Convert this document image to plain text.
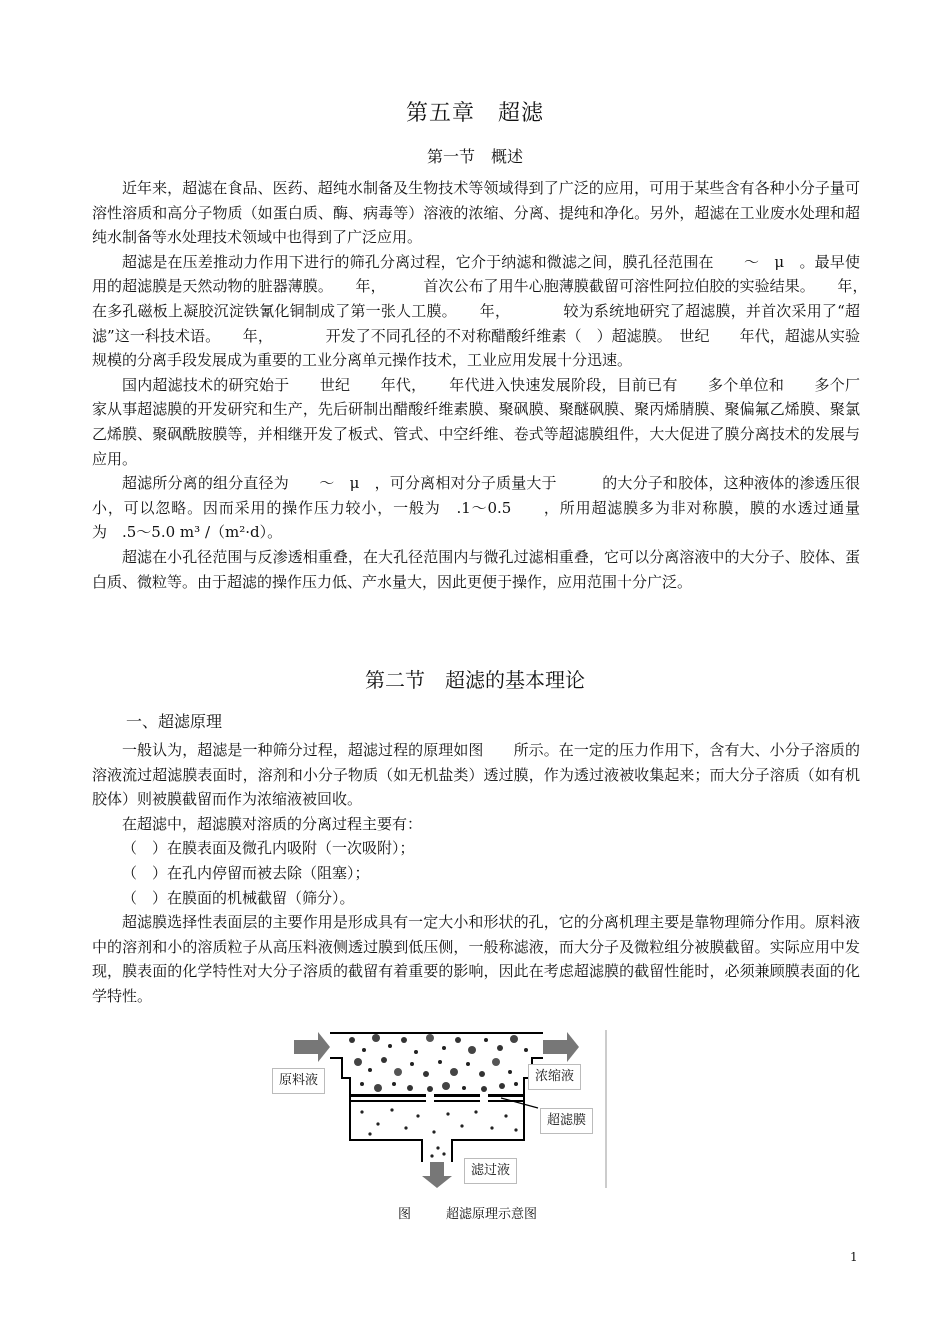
第五章　超滤
第一节　概述

近年来，超滤在食品、医药、超纯水制备及生物技术等领域得到了广泛的应用，可用于某些含有各种小分子量可溶性溶质和高分子物质（如蛋白质、酶、病毒等）溶液的浓缩、分离、提纯和净化。另外，超滤在工业废水处理和超纯水制备等水处理技术领域中也得到了广泛应用。

超滤是在压差推动力作用下进行的筛孔分离过程，它介于纳滤和微滤之间，膜孔径范围在　　～　μ　。最早使用的超滤膜是天然动物的脏器薄膜。　　年，　　　首次公布了用牛心胞薄膜截留可溶性阿拉伯胶的实验结果。　　年，　　　在多孔磁板上凝胶沉淀铁氰化铜制成了第一张人工膜。　　年，　　　　较为系统地研究了超滤膜，并首次采用了“超滤”这一科技术语。　　年，　　　　开发了不同孔径的不对称醋酸纤维素（　）超滤膜。　世纪　　年代，超滤从实验规模的分离手段发展成为重要的工业分离单元操作技术，工业应用发展十分迅速。

国内超滤技术的研究始于　　世纪　　年代，　　年代进入快速发展阶段，目前已有　　多个单位和　　多个厂家从事超滤膜的开发研究和生产，先后研制出醋酸纤维素膜、聚砜膜、聚醚砜膜、聚丙烯腈膜、聚偏氟乙烯膜、聚氯乙烯膜、聚砜酰胺膜等，并相继开发了板式、管式、中空纤维、卷式等超滤膜组件，大大促进了膜分离技术的发展与应用。

超滤所分离的组分直径为　　～　μ　，可分离相对分子质量大于　　　的大分子和胶体，这种液体的渗透压很小，可以忽略。因而采用的操作压力较小，一般为　.1～0.5　　，所用超滤膜多为非对称膜，膜的水透过通量为　.5～5.0 m³ /（m²·d）。

超滤在小孔径范围与反渗透相重叠，在大孔径范围内与微孔过滤相重叠，它可以分离溶液中的大分子、胶体、蛋白质、微粒等。由于超滤的操作压力低、产水量大，因此更便于操作，应用范围十分广泛。

第二节　超滤的基本理论
一、超滤原理

一般认为，超滤是一种筛分过程，超滤过程的原理如图　　所示。在一定的压力作用下，含有大、小分子溶质的溶液流过超滤膜表面时，溶剂和小分子物质（如无机盐类）透过膜，作为透过液被收集起来；而大分子溶质（如有机胶体）则被膜截留而作为浓缩液被回收。

在超滤中，超滤膜对溶质的分离过程主要有：

（　）在膜表面及微孔内吸附（一次吸附）；

（　）在孔内停留而被去除（阻塞）；

（　）在膜面的机械截留（筛分）。

超滤膜选择性表面层的主要作用是形成具有一定大小和形状的孔，它的分离机理主要是靠物理筛分作用。原料液中的溶剂和小的溶质粒子从高压料液侧透过膜到低压侧，一般称滤液，而大分子及微粒组分被膜截留。实际应用中发现，膜表面的化学特性对大分子溶质的截留有着重要的影响，因此在考虑超滤膜的截留性能时，必须兼顾膜表面的化学特性。

原料液	浓缩液
超滤膜
滤过液
图	超滤原理示意图
1
